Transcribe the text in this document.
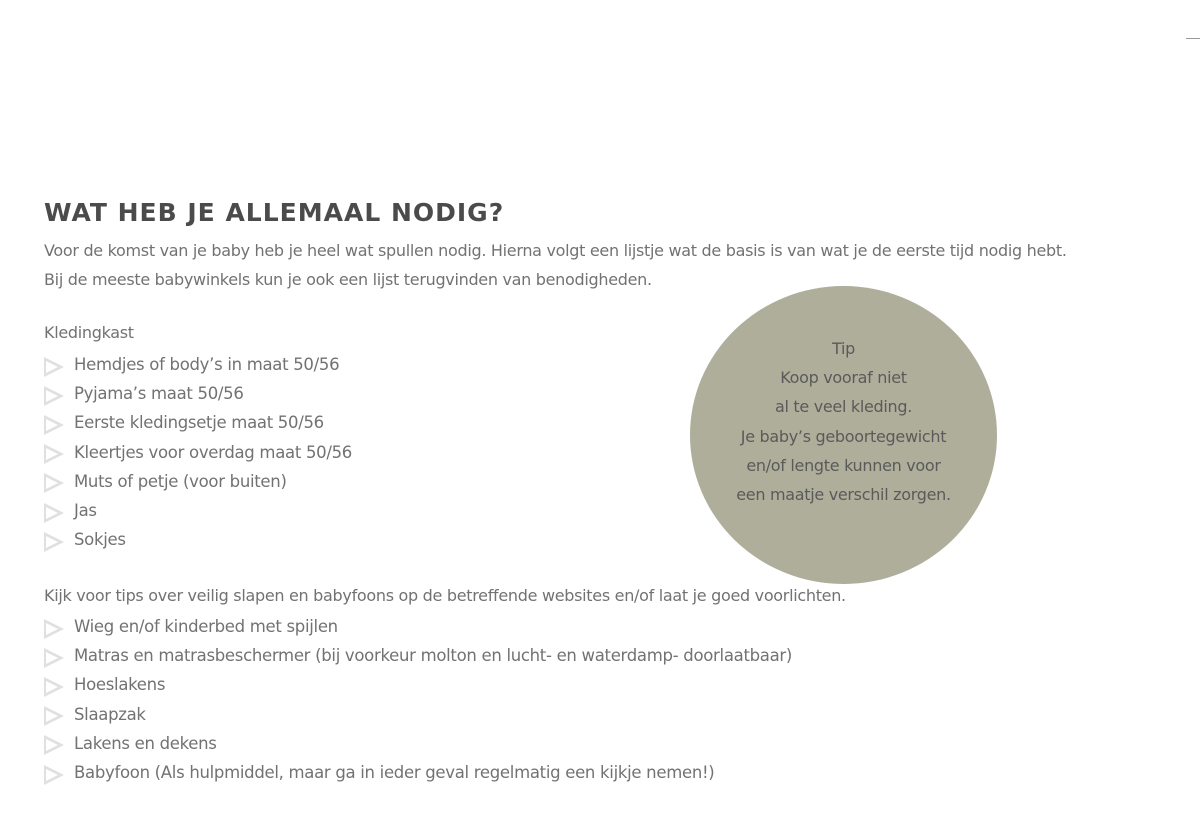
WAT HEB JE ALLEMAAL NODIG?
Voor de komst van je baby heb je heel wat spullen nodig. Hierna volgt een lijstje wat de basis is van wat je de eerste tijd nodig hebt.
Bij de meeste babywinkels kun je ook een lijst terugvinden van benodigheden.
Kledingkast
Hemdjes of body’s in maat 50/56
Pyjama’s maat 50/56
Eerste kledingsetje maat 50/56
Kleertjes voor overdag maat 50/56
Muts of petje (voor buiten)
Jas
Sokjes
Tip
Koop vooraf niet
al te veel kleding.
Je baby’s geboortegewicht
en/of lengte kunnen voor
een maatje verschil zorgen.
Kijk voor tips over veilig slapen en babyfoons op de betreffende websites en/of laat je goed voorlichten.
Wieg en/of kinderbed met spijlen
Matras en matrasbeschermer (bij voorkeur molton en lucht- en waterdamp- doorlaatbaar)
Hoeslakens
Slaapzak
Lakens en dekens
Babyfoon (Als hulpmiddel, maar ga in ieder geval regelmatig een kijkje nemen!)
